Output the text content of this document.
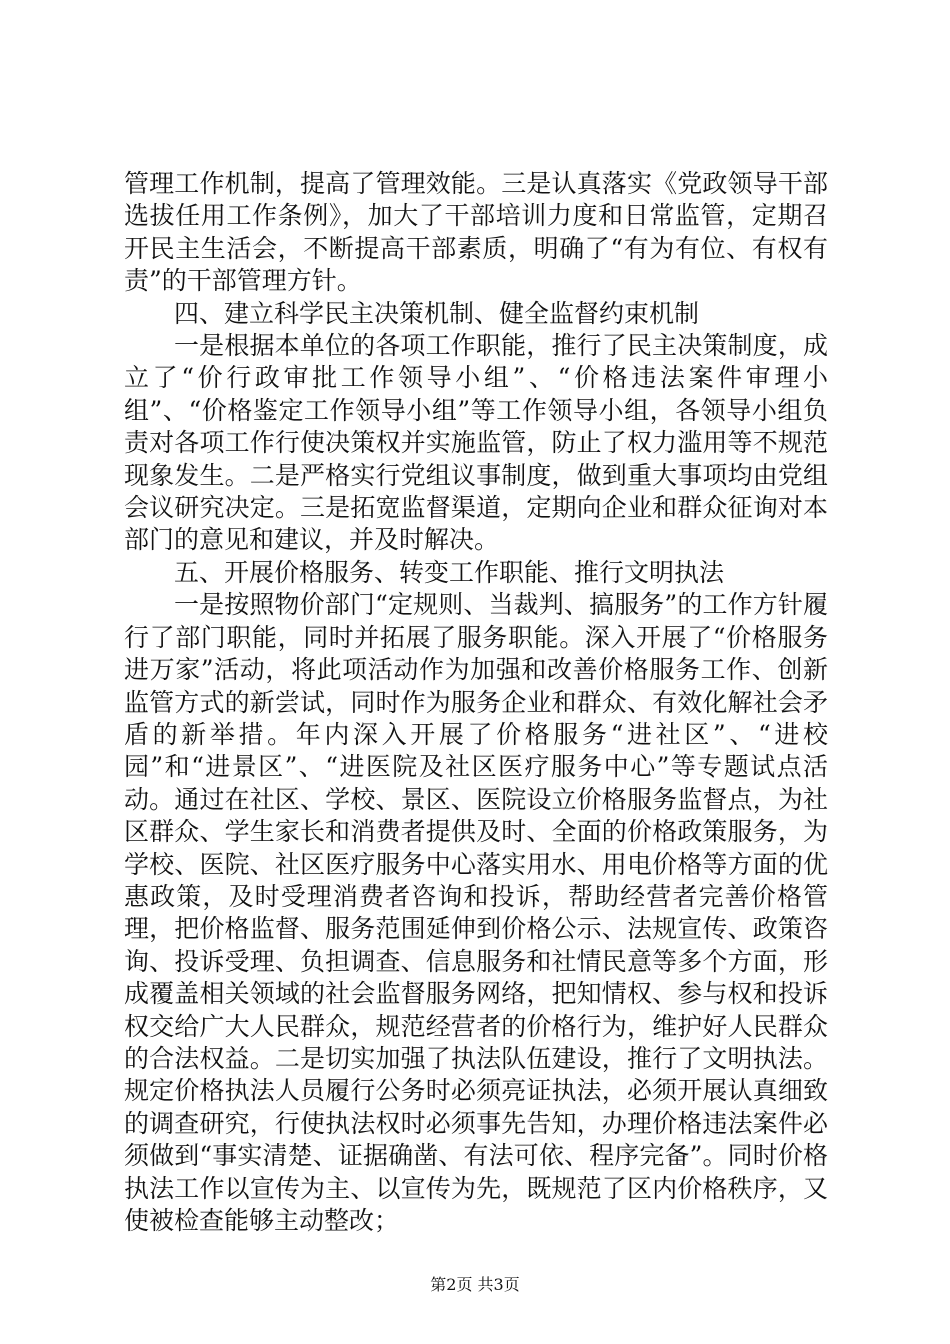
管理工作机制，提高了管理效能。三是认真落实《党政领导干部选拔任用工作条例》，加大了干部培训力度和日常监管，定期召开民主生活会，不断提高干部素质，明确了“有为有位、有权有责”的干部管理方针。

四、建立科学民主决策机制、健全监督约束机制

一是根据本单位的各项工作职能，推行了民主决策制度，成立了“价行政审批工作领导小组”、“价格违法案件审理小组”、“价格鉴定工作领导小组”等工作领导小组，各领导小组负责对各项工作行使决策权并实施监管，防止了权力滥用等不规范现象发生。二是严格实行党组议事制度，做到重大事项均由党组会议研究决定。三是拓宽监督渠道，定期向企业和群众征询对本部门的意见和建议，并及时解决。

五、开展价格服务、转变工作职能、推行文明执法

一是按照物价部门“定规则、当裁判、搞服务”的工作方针履行了部门职能，同时并拓展了服务职能。深入开展了“价格服务进万家”活动，将此项活动作为加强和改善价格服务工作、创新监管方式的新尝试，同时作为服务企业和群众、有效化解社会矛盾的新举措。年内深入开展了价格服务“进社区”、“进校园”和“进景区”、“进医院及社区医疗服务中心”等专题试点活动。通过在社区、学校、景区、医院设立价格服务监督点，为社区群众、学生家长和消费者提供及时、全面的价格政策服务，为学校、医院、社区医疗服务中心落实用水、用电价格等方面的优惠政策，及时受理消费者咨询和投诉，帮助经营者完善价格管理，把价格监督、服务范围延伸到价格公示、法规宣传、政策咨询、投诉受理、负担调查、信息服务和社情民意等多个方面，形成覆盖相关领域的社会监督服务网络，把知情权、参与权和投诉权交给广大人民群众，规范经营者的价格行为，维护好人民群众的合法权益。二是切实加强了执法队伍建设，推行了文明执法。规定价格执法人员履行公务时必须亮证执法，必须开展认真细致的调查研究，行使执法权时必须事先告知，办理价格违法案件必须做到“事实清楚、证据确凿、有法可依、程序完备”。同时价格执法工作以宣传为主、以宣传为先，既规范了区内价格秩序，又使被检查能够主动整改；

第2页 共3页
